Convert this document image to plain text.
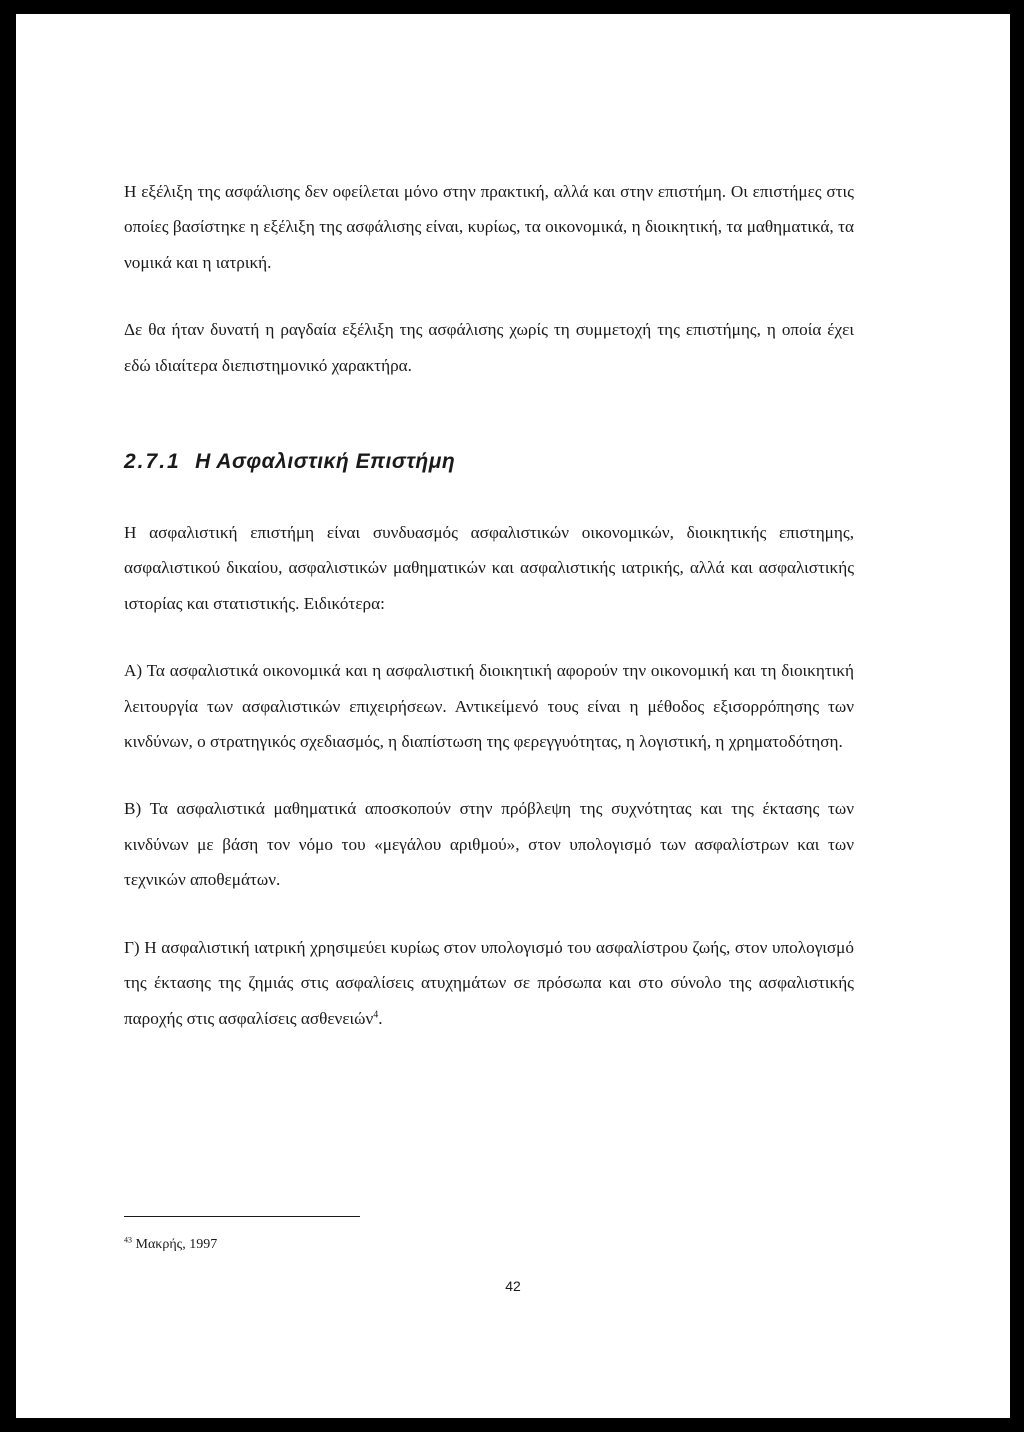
Η εξέλιξη της ασφάλισης δεν οφείλεται μόνο στην πρακτική, αλλά και στην επιστήμη. Οι επιστήμες στις οποίες βασίστηκε η εξέλιξη της ασφάλισης είναι, κυρίως, τα οικονομικά, η διοικητική, τα μαθηματικά, τα νομικά και η ιατρική.

Δε θα ήταν δυνατή η ραγδαία εξέλιξη της ασφάλισης χωρίς τη συμμετοχή της επιστήμης, η οποία έχει εδώ ιδιαίτερα διεπιστημονικό χαρακτήρα.

2.7.1 Η Ασφαλιστική Επιστήμη

Η ασφαλιστική επιστήμη είναι συνδυασμός ασφαλιστικών οικονομικών, διοικητικής επιστημης, ασφαλιστικού δικαίου, ασφαλιστικών μαθηματικών και ασφαλιστικής ιατρικής, αλλά και ασφαλιστικής ιστορίας και στατιστικής. Ειδικότερα:

Α) Τα ασφαλιστικά οικονομικά και η ασφαλιστική διοικητική αφορούν την οικονομική και τη διοικητική λειτουργία των ασφαλιστικών επιχειρήσεων. Αντικείμενό τους είναι η μέθοδος εξισορρόπησης των κινδύνων, ο στρατηγικός σχεδιασμός, η διαπίστωση της φερεγγυότητας, η λογιστική, η χρηματοδότηση.

Β) Τα ασφαλιστικά μαθηματικά αποσκοπούν στην πρόβλεψη της συχνότητας και της έκτασης των κινδύνων με βάση τον νόμο του «μεγάλου αριθμού», στον υπολογισμό των ασφαλίστρων και των τεχνικών αποθεμάτων.

Γ) Η ασφαλιστική ιατρική χρησιμεύει κυρίως στον υπολογισμό του ασφαλίστρου ζωής, στον υπολογισμό της έκτασης της ζημιάς στις ασφαλίσεις ατυχημάτων σε πρόσωπα και στο σύνολο της ασφαλιστικής παροχής στις ασφαλίσεις ασθενειών$^4$.

$^{43}$ Μακρής, 1997
42
